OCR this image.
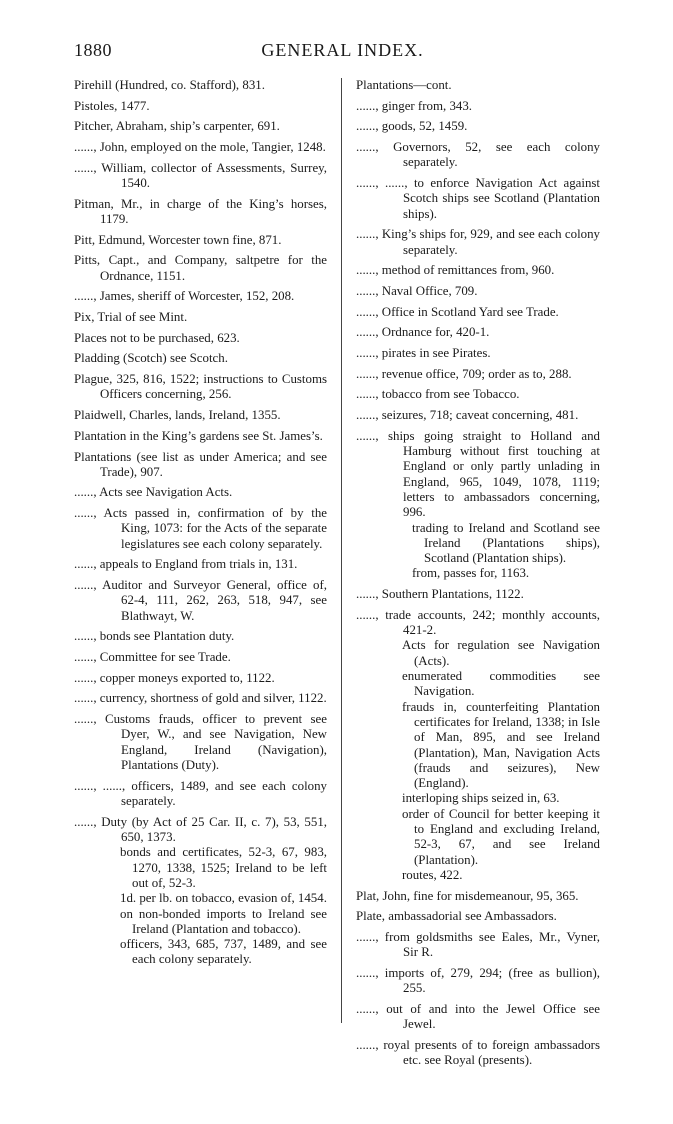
1880	GENERAL INDEX.
Pirehill (Hundred, co. Stafford), 831.
Pistoles, 1477.
Pitcher, Abraham, ship’s carpenter, 691.
......, John, employed on the mole, Tangier, 1248.
......, William, collector of Assessments, Surrey, 1540.
Pitman, Mr., in charge of the King’s horses, 1179.
Pitt, Edmund, Worcester town fine, 871.
Pitts, Capt., and Company, saltpetre for the Ordnance, 1151.
......, James, sheriff of Worcester, 152, 208.
Pix, Trial of see Mint.
Places not to be purchased, 623.
Pladding (Scotch) see Scotch.
Plague, 325, 816, 1522; instructions to Customs Officers concerning, 256.
Plaidwell, Charles, lands, Ireland, 1355.
Plantation in the King’s gardens see St. James’s.
Plantations (see list as under America; and see Trade), 907.
......, Acts see Navigation Acts.
......, Acts passed in, confirmation of by the King, 1073: for the Acts of the separate legislatures see each colony separately.
......, appeals to England from trials in, 131.
......, Auditor and Surveyor General, office of, 62-4, 111, 262, 263, 518, 947, see Blathwayt, W.
......, bonds see Plantation duty.
......, Committee for see Trade.
......, copper moneys exported to, 1122.
......, currency, shortness of gold and silver, 1122.
......, Customs frauds, officer to prevent see Dyer, W., and see Navigation, New England, Ireland (Navigation), Plantations (Duty).
......, ......, officers, 1489, and see each colony separately.
......, Duty (by Act of 25 Car. II, c. 7), 53, 551, 650, 1373.
bonds and certificates, 52-3, 67, 983, 1270, 1338, 1525; Ireland to be left out of, 52-3.
1d. per lb. on tobacco, evasion of, 1454.
on non-bonded imports to Ireland see Ireland (Plantation and tobacco).
officers, 343, 685, 737, 1489, and see each colony separately.
Plantations—cont.
......, ginger from, 343.
......, goods, 52, 1459.
......, Governors, 52, see each colony separately.
......, ......, to enforce Navigation Act against Scotch ships see Scotland (Plantation ships).
......, King’s ships for, 929, and see each colony separately.
......, method of remittances from, 960.
......, Naval Office, 709.
......, Office in Scotland Yard see Trade.
......, Ordnance for, 420-1.
......, pirates in see Pirates.
......, revenue office, 709; order as to, 288.
......, tobacco from see Tobacco.
......, seizures, 718; caveat concerning, 481.
......, ships going straight to Holland and Hamburg without first touching at England or only partly unlading in England, 965, 1049, 1078, 1119; letters to ambassadors concerning, 996.
trading to Ireland and Scotland see Ireland (Plantations ships), Scotland (Plantation ships).
from, passes for, 1163.
......, Southern Plantations, 1122.
......, trade accounts, 242; monthly accounts, 421-2.
Acts for regulation see Navigation (Acts).
enumerated commodities see Navigation.
frauds in, counterfeiting Plantation certificates for Ireland, 1338; in Isle of Man, 895, and see Ireland (Plantation), Man, Navigation Acts (frauds and seizures), New (England).
interloping ships seized in, 63.
order of Council for better keeping it to England and excluding Ireland, 52-3, 67, and see Ireland (Plantation).
routes, 422.
Plat, John, fine for misdemeanour, 95, 365.
Plate, ambassadorial see Ambassadors.
......, from goldsmiths see Eales, Mr., Vyner, Sir R.
......, imports of, 279, 294; (free as bullion), 255.
......, out of and into the Jewel Office see Jewel.
......, royal presents of to foreign ambassadors etc. see Royal (presents).
